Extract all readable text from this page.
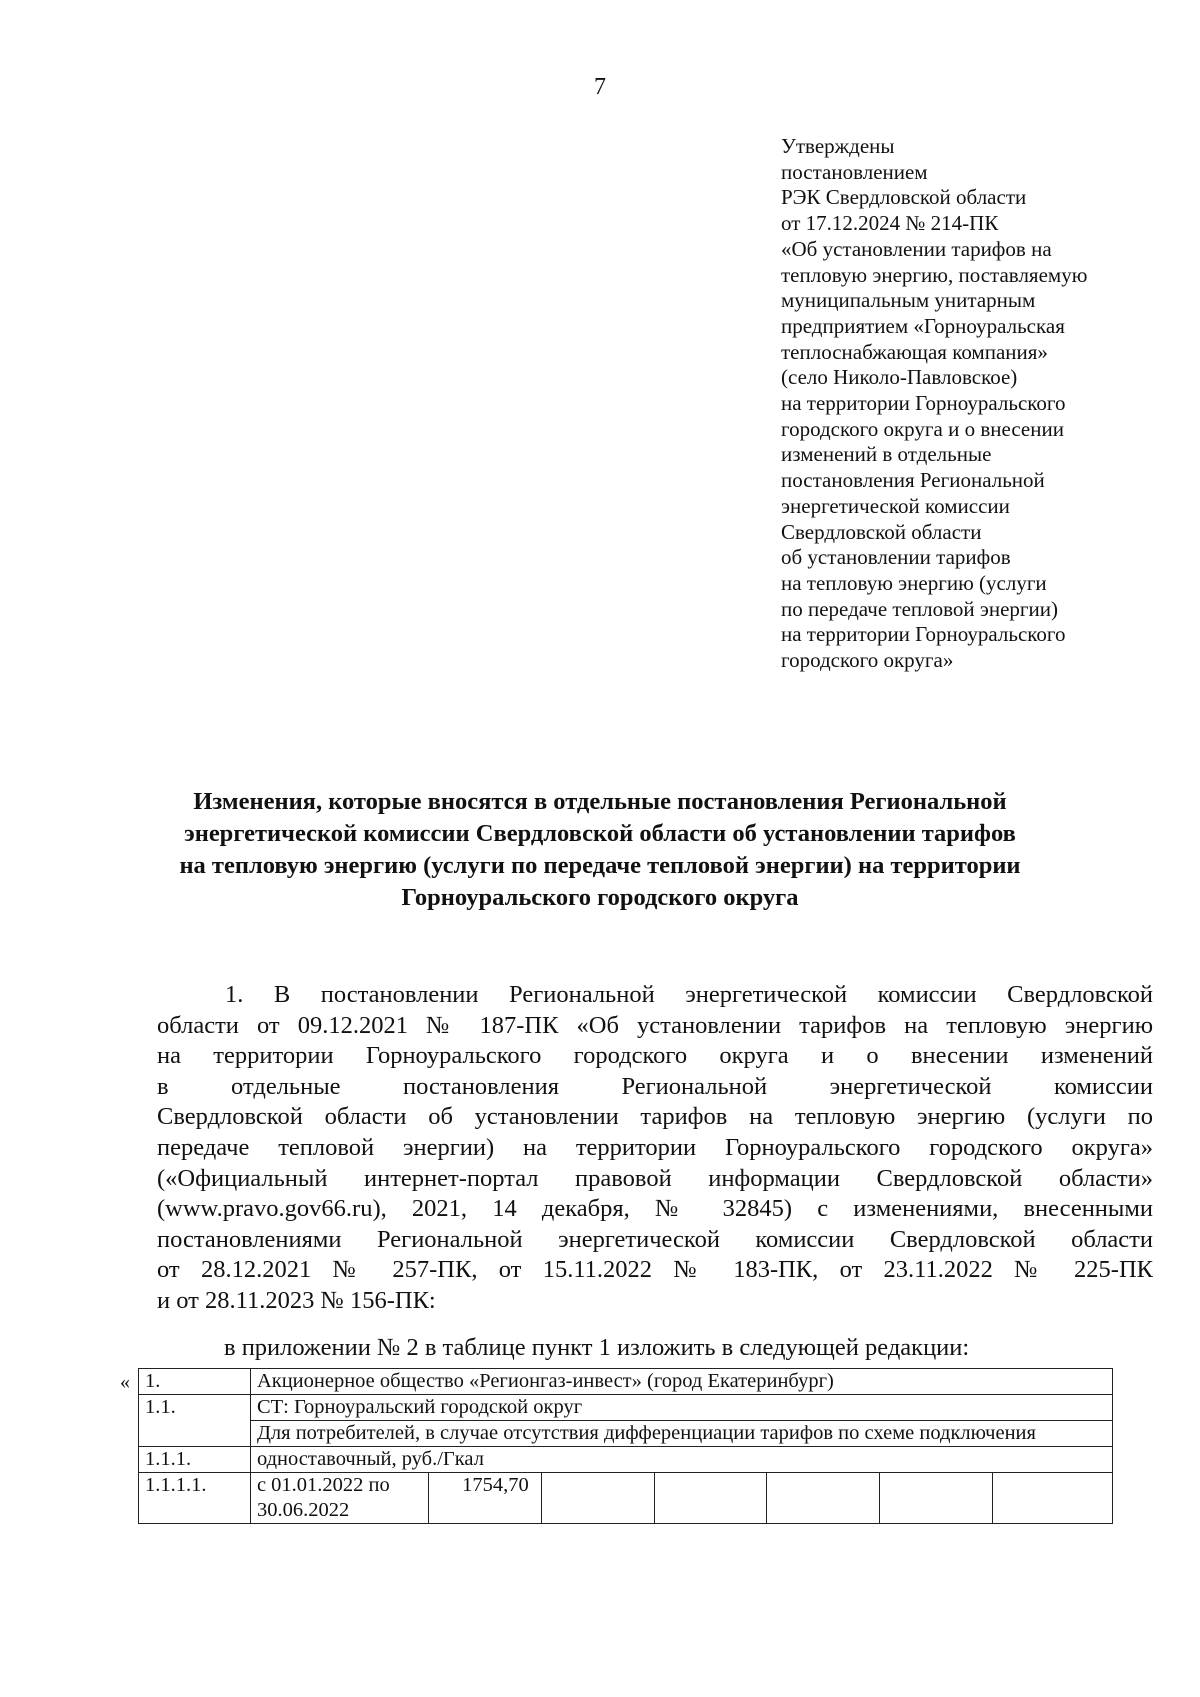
7
Утверждены
постановлением
РЭК Свердловской области
от 17.12.2024 № 214-ПК
«Об установлении тарифов на
тепловую энергию, поставляемую
муниципальным унитарным
предприятием «Горноуральская
теплоснабжающая компания»
(село Николо-Павловское)
на территории Горноуральского
городского округа и о внесении
изменений в отдельные
постановления Региональной
энергетической комиссии
Свердловской области
об установлении тарифов
на тепловую энергию (услуги
по передаче тепловой энергии)
на территории Горноуральского
городского округа»
Изменения, которые вносятся в отдельные постановления Региональной
энергетической комиссии Свердловской области об установлении тарифов
на тепловую энергию (услуги по передаче тепловой энергии) на территории
Горноуральского городского округа
1. В постановлении Региональной энергетической комиссии Свердловской
области от 09.12.2021 № 187-ПК «Об установлении тарифов на тепловую энергию
на территории Горноуральского городского округа и о внесении изменений
в отдельные постановления Региональной энергетической комиссии
Свердловской области об установлении тарифов на тепловую энергию (услуги по
передаче тепловой энергии) на территории Горноуральского городского округа»
(«Официальный интернет-портал правовой информации Свердловской области»
(www.pravo.gov66.ru), 2021, 14 декабря, № 32845) с изменениями, внесенными
постановлениями Региональной энергетической комиссии Свердловской области
от 28.12.2021 № 257-ПК, от 15.11.2022 № 183-ПК, от 23.11.2022 № 225-ПК
и от 28.11.2023 № 156-ПК:
в приложении № 2 в таблице пункт 1 изложить в следующей редакции:
« 1.	Акционерное общество «Регионгаз-инвест» (город Екатеринбург)						
1.1.	СТ: Горноуральский городской округ						
	Для потребителей, в случае отсутствия дифференциации тарифов по схеме подключения						
1.1.1.	одноставочный, руб./Гкал						
1.1.1.1.	с 01.01.2022 по 30.06.2022	1754,70					
